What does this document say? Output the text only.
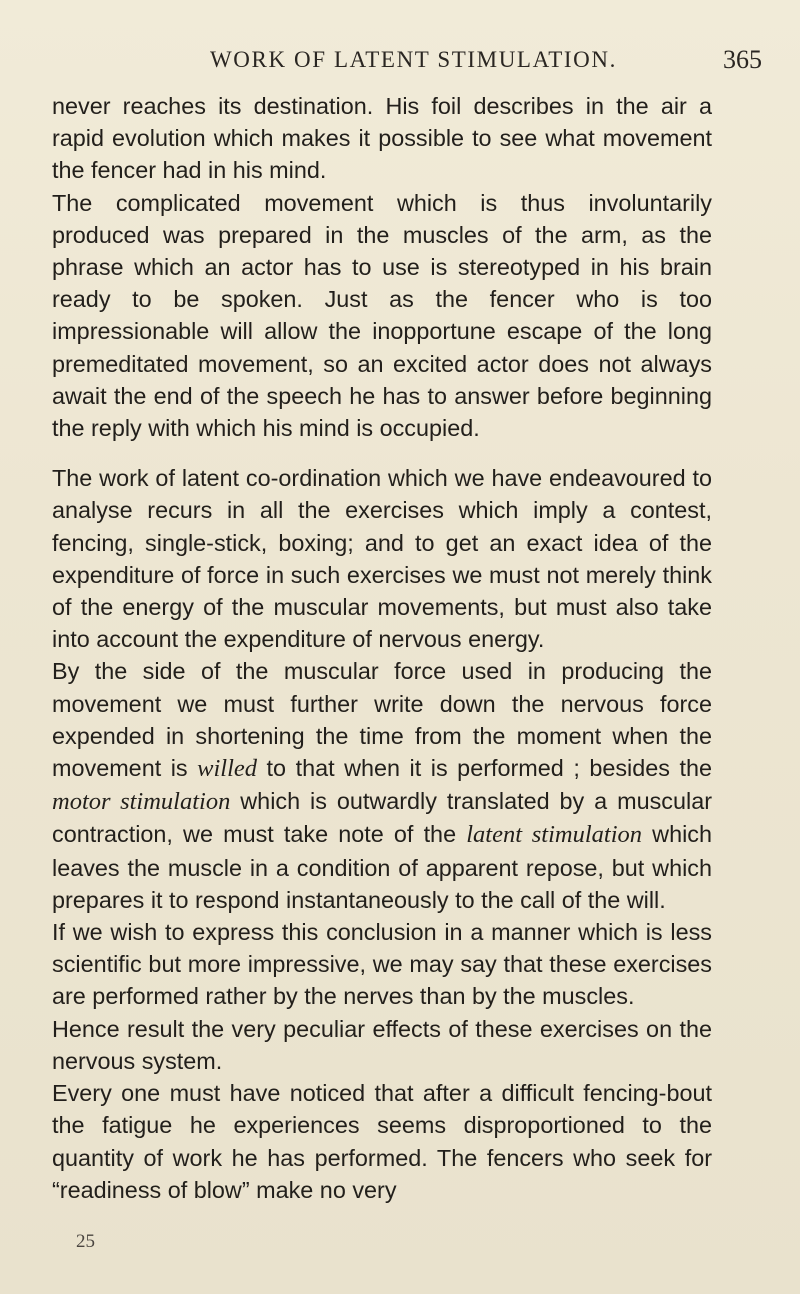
WORK OF LATENT STIMULATION.	365

never reaches its destination. His foil describes in the air a rapid evolution which makes it possible to see what movement the fencer had in his mind.

The complicated movement which is thus involuntarily produced was prepared in the muscles of the arm, as the phrase which an actor has to use is stereotyped in his brain ready to be spoken. Just as the fencer who is too impressionable will allow the inopportune escape of the long premeditated movement, so an excited actor does not always await the end of the speech he has to answer before beginning the reply with which his mind is occupied.

The work of latent co-ordination which we have endeavoured to analyse recurs in all the exercises which imply a contest, fencing, single-stick, boxing; and to get an exact idea of the expenditure of force in such exercises we must not merely think of the energy of the muscular movements, but must also take into account the expenditure of nervous energy.

By the side of the muscular force used in producing the movement we must further write down the nervous force expended in shortening the time from the moment when the movement is willed to that when it is performed ; besides the motor stimulation which is outwardly translated by a muscular contraction, we must take note of the latent stimulation which leaves the muscle in a condition of apparent repose, but which prepares it to respond instantaneously to the call of the will.

If we wish to express this conclusion in a manner which is less scientific but more impressive, we may say that these exercises are performed rather by the nerves than by the muscles.

Hence result the very peculiar effects of these exercises on the nervous system.

Every one must have noticed that after a difficult fencing-bout the fatigue he experiences seems disproportioned to the quantity of work he has performed. The fencers who seek for “readiness of blow” make no very

25
